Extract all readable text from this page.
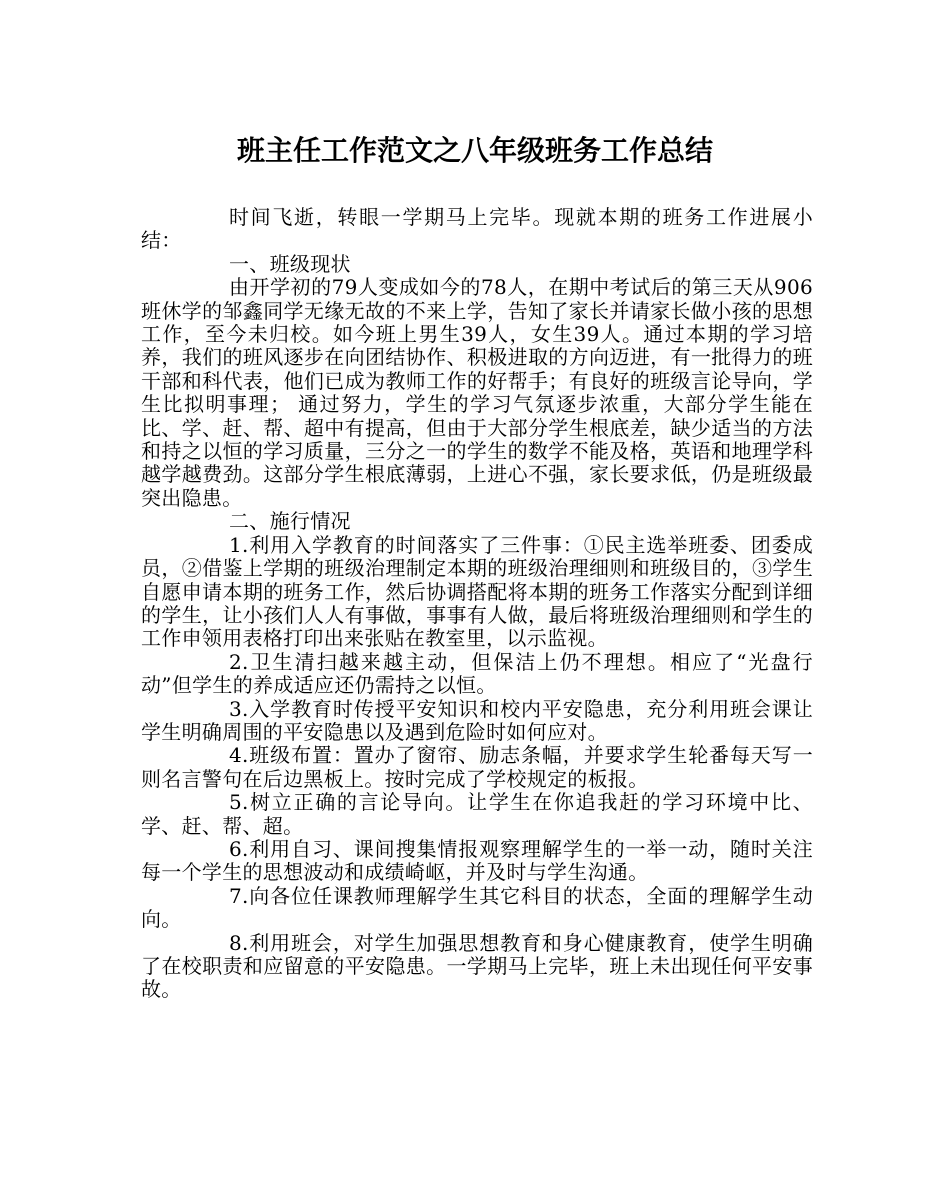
班主任工作范文之八年级班务工作总结

时间飞逝，转眼一学期马上完毕。现就本期的班务工作进展小结：

一、班级现状

由开学初的79人变成如今的78人，在期中考试后的第三天从906班休学的邹鑫同学无缘无故的不来上学，告知了家长并请家长做小孩的思想工作，至今未归校。如今班上男生39人，女生39人。通过本期的学习培养，我们的班风逐步在向团结协作、积极进取的方向迈进，有一批得力的班干部和科代表，他们已成为教师工作的好帮手；有良好的班级言论导向，学生比拟明事理； 通过努力，学生的学习气氛逐步浓重，大部分学生能在比、学、赶、帮、超中有提高，但由于大部分学生根底差，缺少适当的方法和持之以恒的学习质量，三分之一的学生的数学不能及格，英语和地理学科越学越费劲。这部分学生根底薄弱，上进心不强，家长要求低，仍是班级最突出隐患。

二、施行情况

1.利用入学教育的时间落实了三件事：①民主选举班委、团委成员，②借鉴上学期的班级治理制定本期的班级治理细则和班级目的，③学生自愿申请本期的班务工作，然后协调搭配将本期的班务工作落实分配到详细的学生，让小孩们人人有事做，事事有人做，最后将班级治理细则和学生的工作申领用表格打印出来张贴在教室里，以示监视。

2.卫生清扫越来越主动，但保洁上仍不理想。相应了“光盘行动”但学生的养成适应还仍需持之以恒。

3.入学教育时传授平安知识和校内平安隐患，充分利用班会课让学生明确周围的平安隐患以及遇到危险时如何应对。

4.班级布置：置办了窗帘、励志条幅，并要求学生轮番每天写一则名言警句在后边黑板上。按时完成了学校规定的板报。

5.树立正确的言论导向。让学生在你追我赶的学习环境中比、学、赶、帮、超。

6.利用自习、课间搜集情报观察理解学生的一举一动，随时关注每一个学生的思想波动和成绩崎岖，并及时与学生沟通。

7.向各位任课教师理解学生其它科目的状态，全面的理解学生动向。

8.利用班会，对学生加强思想教育和身心健康教育，使学生明确了在校职责和应留意的平安隐患。一学期马上完毕，班上未出现任何平安事故。
